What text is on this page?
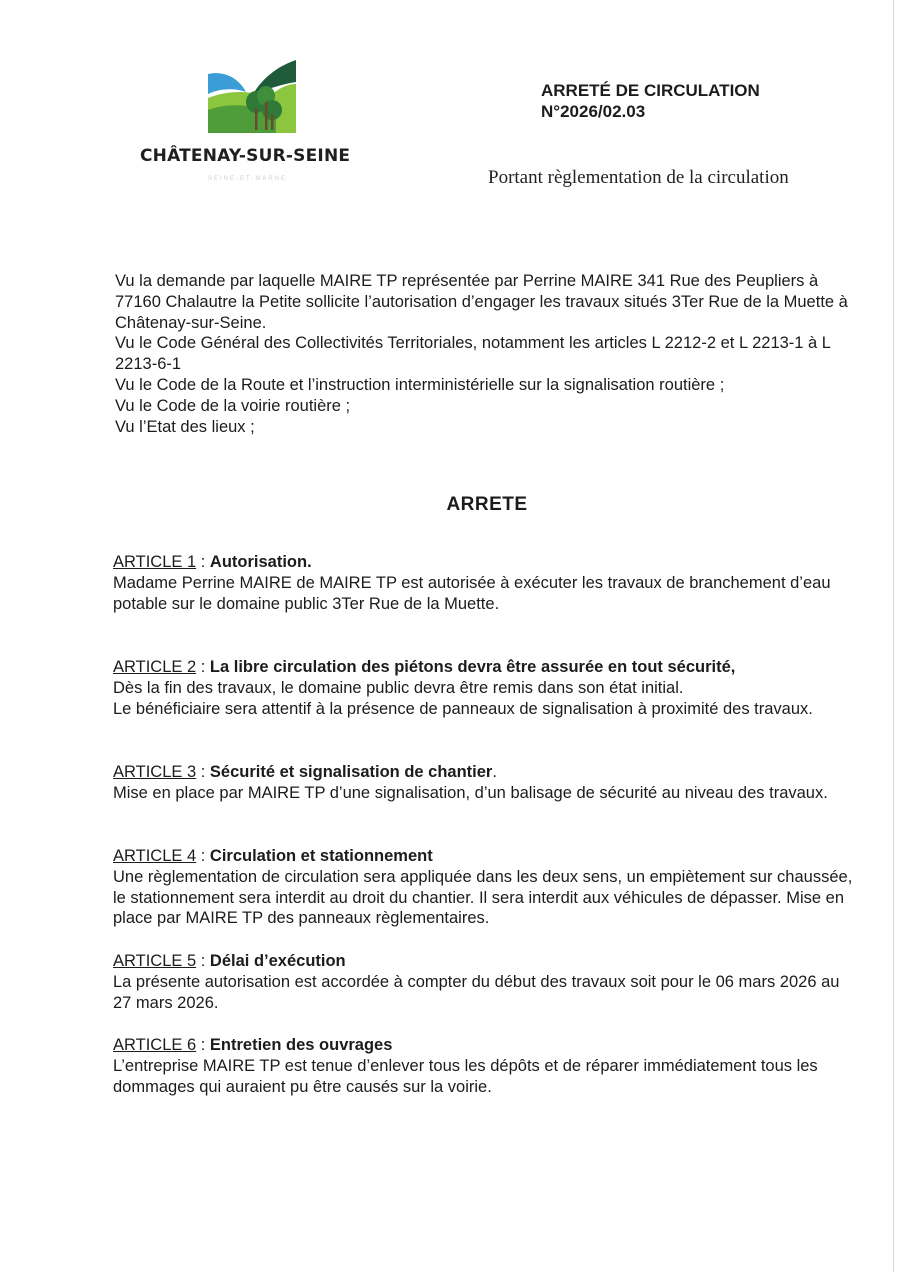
CHÂTENAY-SUR-SEINE
SEINE-ET-MARNE
ARRETÉ DE CIRCULATION
N°2026/02.03
Portant règlementation de la circulation

Vu la demande par laquelle MAIRE TP représentée par Perrine MAIRE 341 Rue des Peupliers à 77160 Chalautre la Petite sollicite l’autorisation d’engager les travaux situés 3Ter Rue de la Muette à Châtenay-sur-Seine.

Vu le Code Général des Collectivités Territoriales, notamment les articles L 2212-2 et L 2213-1 à L 2213-6-1

Vu le Code de la Route et l’instruction interministérielle sur la signalisation routière ;

Vu le Code de la voirie routière ;

Vu l’Etat des lieux ;

ARRETE

ARTICLE 1 : Autorisation.

Madame Perrine MAIRE de MAIRE TP est autorisée à exécuter les travaux de branchement d’eau potable sur le domaine public 3Ter Rue de la Muette.

ARTICLE 2 : La libre circulation des piétons devra être assurée en tout sécurité,

Dès la fin des travaux, le domaine public devra être remis dans son état initial.

Le bénéficiaire sera attentif à la présence de panneaux de signalisation à proximité des travaux.

ARTICLE 3 : Sécurité et signalisation de chantier.

Mise en place par MAIRE TP d’une signalisation, d’un balisage de sécurité au niveau des travaux.

ARTICLE 4 : Circulation et stationnement

Une règlementation de circulation sera appliquée dans les deux sens, un empiètement sur chaussée, le stationnement sera interdit au droit du chantier. Il sera interdit aux véhicules de dépasser. Mise en place par MAIRE TP des panneaux règlementaires.

ARTICLE 5 : Délai d’exécution

La présente autorisation est accordée à compter du début des travaux soit pour le 06 mars 2026 au 27 mars 2026.

ARTICLE 6 : Entretien des ouvrages

L’entreprise MAIRE TP est tenue d’enlever tous les dépôts et de réparer immédiatement tous les dommages qui auraient pu être causés sur la voirie.
